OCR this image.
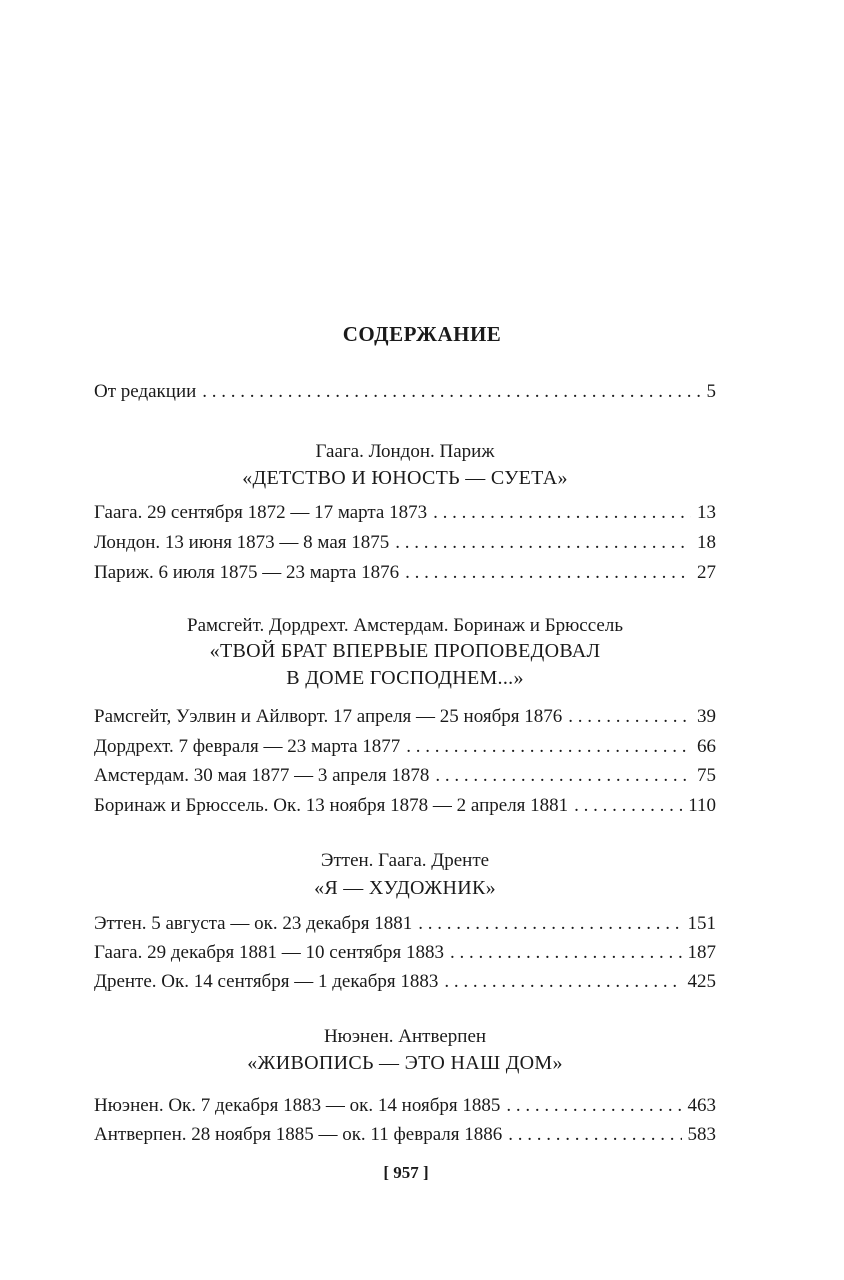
СОДЕРЖАНИЕ
От редакции . . .	5
Гаага. Лондон. Париж
«ДЕТСТВО И ЮНОСТЬ — СУЕТА»
Гаага. 29 сентября 1872 — 17 марта 1873 . . .	13
Лондон. 13 июня 1873 — 8 мая 1875 . . .	18
Париж. 6 июля 1875 — 23 марта 1876 . . .	27
Рамсгейт. Дордрехт. Амстердам. Боринаж и Брюссель
«ТВОЙ БРАТ ВПЕРВЫЕ ПРОПОВЕДОВАЛ
В ДОМЕ ГОСПОДНЕМ...»
Рамсгейт, Уэлвин и Айлворт. 17 апреля — 25 ноября 1876 . . .	39
Дордрехт. 7 февраля — 23 марта 1877 . . .	66
Амстердам. 30 мая 1877 — 3 апреля 1878 . . .	75
Боринаж и Брюссель. Ок. 13 ноября 1878 — 2 апреля 1881 . . .	110
Эттен. Гаага. Дренте
«Я — ХУДОЖНИК»
Эттен. 5 августа — ок. 23 декабря 1881 . . .	151
Гаага. 29 декабря 1881 — 10 сентября 1883 . . .	187
Дренте. Ок. 14 сентября — 1 декабря 1883 . . .	425
Нюэнен. Антверпен
«ЖИВОПИСЬ — ЭТО НАШ ДОМ»
Нюэнен. Ок. 7 декабря 1883 — ок. 14 ноября 1885 . . .	463
Антверпен. 28 ноября 1885 — ок. 11 февраля 1886 . . .	583
[ 957 ]
